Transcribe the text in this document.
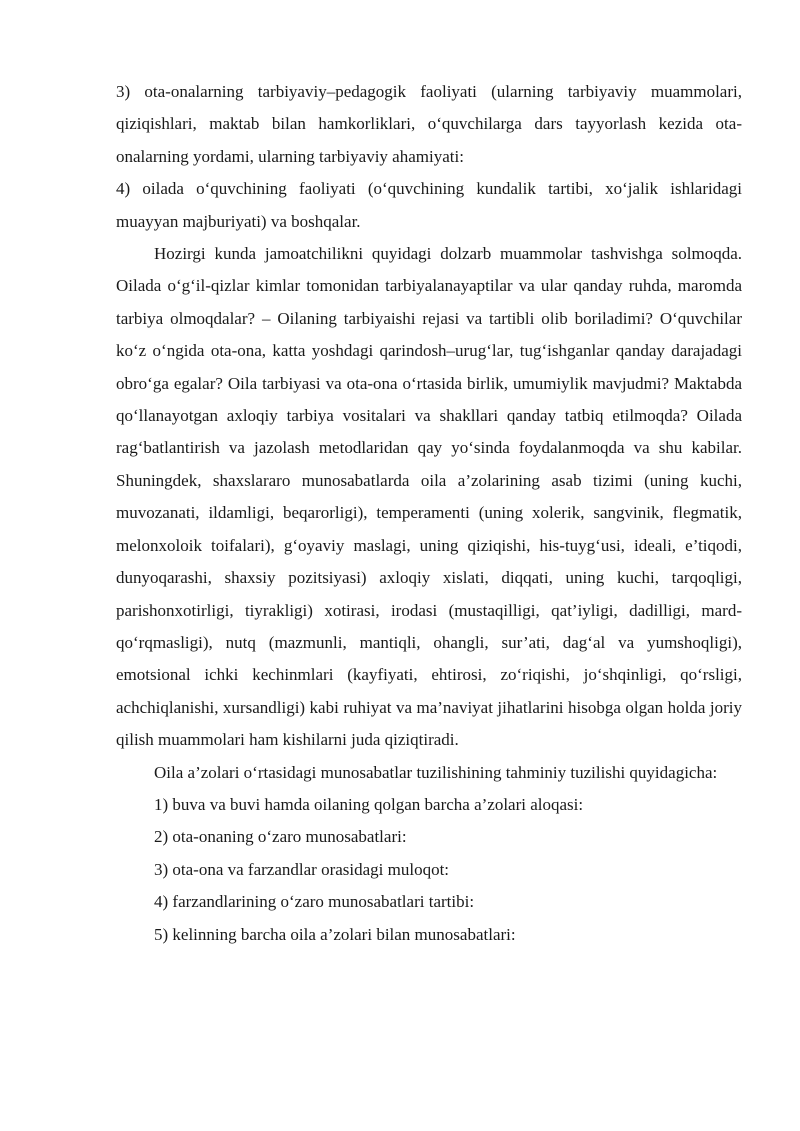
3) ota-onalarning tarbiyaviy–pedagogik faoliyati (ularning tarbiyaviy muammolari, qiziqishlari, maktab bilan hamkorliklari, o‘quvchilarga dars tayyorlash kezida ota-onalarning yordami, ularning tarbiyaviy ahamiyati:

4) oilada o‘quvchining faoliyati (o‘quvchining kundalik tartibi, xo‘jalik ishlaridagi muayyan majburiyati) va boshqalar.

Hozirgi kunda jamoatchilikni quyidagi dolzarb muammolar tashvishga solmoqda. Oilada o‘g‘il-qizlar kimlar tomonidan tarbiyalanayaptilar va ular qanday ruhda, maromda tarbiya olmoqdalar? – Oilaning tarbiyaishi rejasi va tartibli olib boriladimi? O‘quvchilar ko‘z o‘ngida ota-ona, katta yoshdagi qarindosh–urug‘lar, tug‘ishganlar qanday darajadagi obro‘ga egalar? Oila tarbiyasi va ota-ona o‘rtasida birlik, umumiylik mavjudmi? Maktabda qo‘llanayotgan axloqiy tarbiya vositalari va shakllari qanday tatbiq etilmoqda? Oilada rag‘batlantirish va jazolash metodlaridan qay yo‘sinda foydalanmoqda va shu kabilar. Shuningdek, shaxslararo munosabatlarda oila a’zolarining asab tizimi (uning kuchi, muvozanati, ildamligi, beqarorligi), temperamenti (uning xolerik, sangvinik, flegmatik, melonxoloik toifalari), g‘oyaviy maslagi, uning qiziqishi, his-tuyg‘usi, ideali, e’tiqodi, dunyoqarashi, shaxsiy pozitsiyasi) axloqiy xislati, diqqati, uning kuchi, tarqoqligi, parishonxotirligi, tiyrakligi) xotirasi, irodasi (mustaqilligi, qat’iyligi, dadilligi, mard-qo‘rqmasligi), nutq (mazmunli, mantiqli, ohangli, sur’ati, dag‘al va yumshoqligi), emotsional ichki kechinmlari (kayfiyati, ehtirosi, zo‘riqishi, jo‘shqinligi, qo‘rsligi, achchiqlanishi, xursandligi) kabi ruhiyat va ma’naviyat jihatlarini hisobga olgan holda joriy qilish muammolari ham kishilarni juda qiziqtiradi.

Oila a’zolari o‘rtasidagi munosabatlar tuzilishining tahminiy tuzilishi quyidagicha:

1) buva va buvi hamda oilaning qolgan barcha a’zolari aloqasi:

2) ota-onaning o‘zaro munosabatlari:

3) ota-ona va farzandlar orasidagi muloqot:

4) farzandlarining o‘zaro munosabatlari tartibi:

5) kelinning barcha oila a’zolari bilan munosabatlari:
